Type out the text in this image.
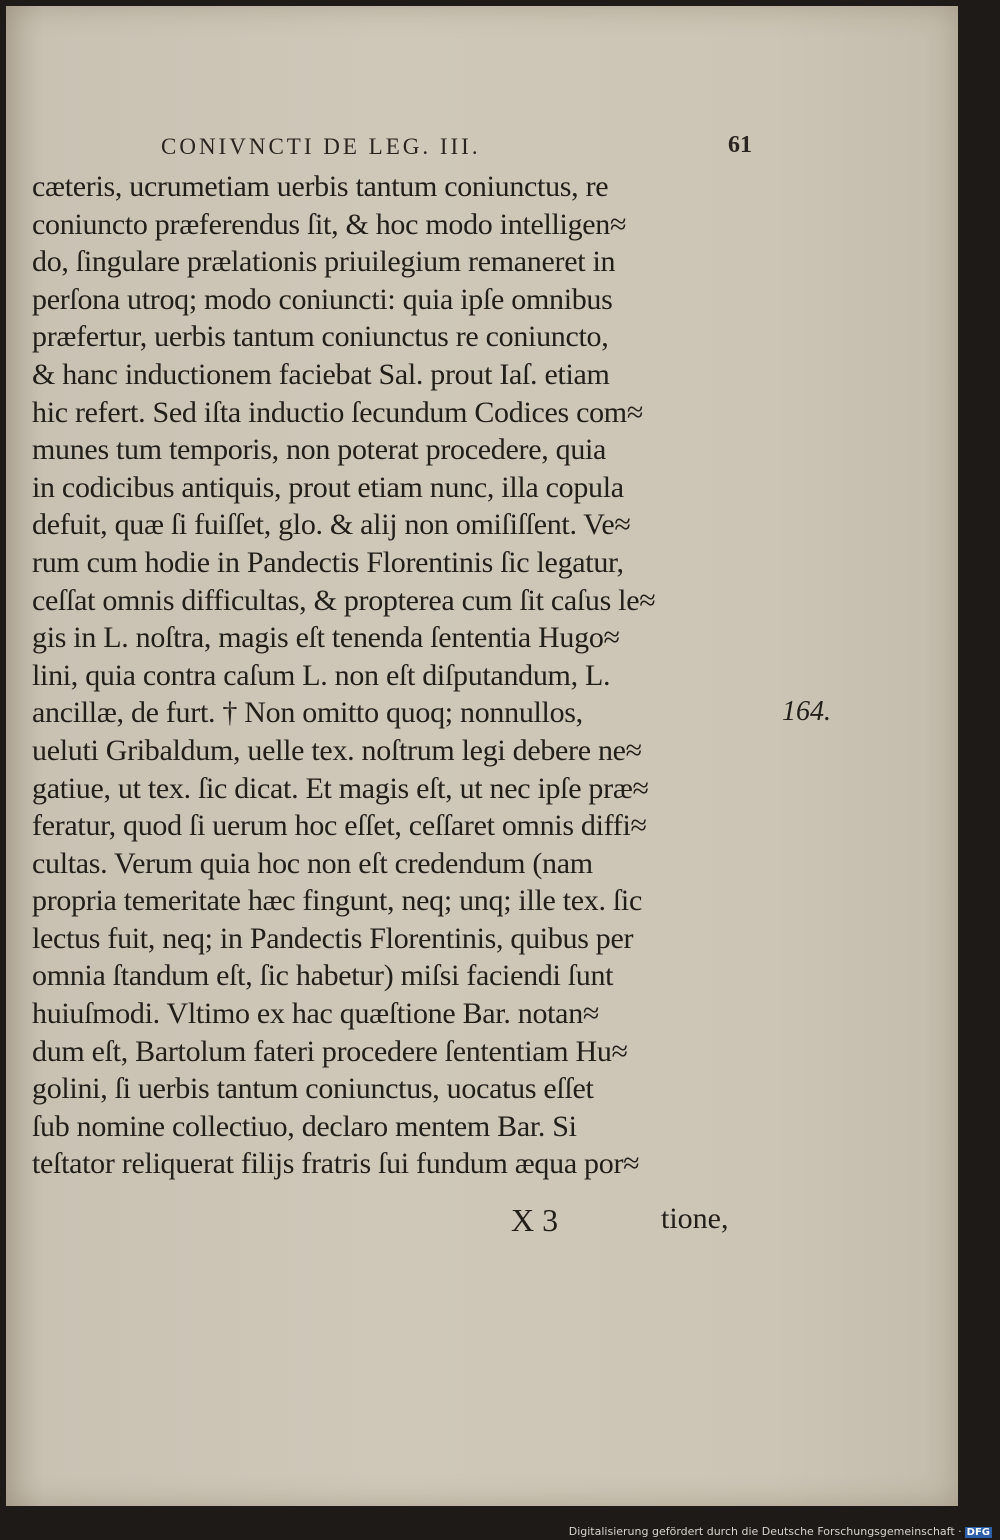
CONIVNCTI DE LEG. III.	61
cæteris, ucrumetiam uerbis tantum coniunctus, re
coniuncto præferendus ſit, & hoc modo intelligen≈
do, ſingulare prælationis priuilegium remaneret in
perſona utroq; modo coniuncti: quia ipſe omnibus
præfertur, uerbis tantum coniunctus re coniuncto,
& hanc inductionem faciebat Sal. prout Iaſ. etiam
hic refert. Sed iſta inductio ſecundum Codices com≈
munes tum temporis, non poterat procedere, quia
in codicibus antiquis, prout etiam nunc, illa copula
defuit, quæ ſi fuiſſet, glo. & alij non omiſiſſent. Ve≈
rum cum hodie in Pandectis Florentinis ſic legatur,
ceſſat omnis difficultas, & propterea cum ſit caſus le≈
gis in L. noſtra, magis eſt tenenda ſententia Hugo≈
lini, quia contra caſum L. non eſt diſputandum, L.
ancillæ, de furt. † Non omitto quoq; nonnullos,
ueluti Gribaldum, uelle tex. noſtrum legi debere ne≈
gatiue, ut tex. ſic dicat. Et magis eſt, ut nec ipſe præ≈
feratur, quod ſi uerum hoc eſſet, ceſſaret omnis diffi≈
cultas. Verum quia hoc non eſt credendum (nam
propria temeritate hæc fingunt, neq; unq; ille tex. ſic
lectus fuit, neq; in Pandectis Florentinis, quibus per
omnia ſtandum eſt, ſic habetur) miſsi faciendi ſunt
huiuſmodi. Vltimo ex hac quæſtione Bar. notan≈
dum eſt, Bartolum fateri procedere ſententiam Hu≈
golini, ſi uerbis tantum coniunctus, uocatus eſſet
ſub nomine collectiuo, declaro mentem Bar. Si
teſtator reliquerat filijs fratris ſui fundum æqua por≈
164.
X 3	tione,
Digitalisierung gefördert durch die Deutsche Forschungsgemeinschaft · DFG
